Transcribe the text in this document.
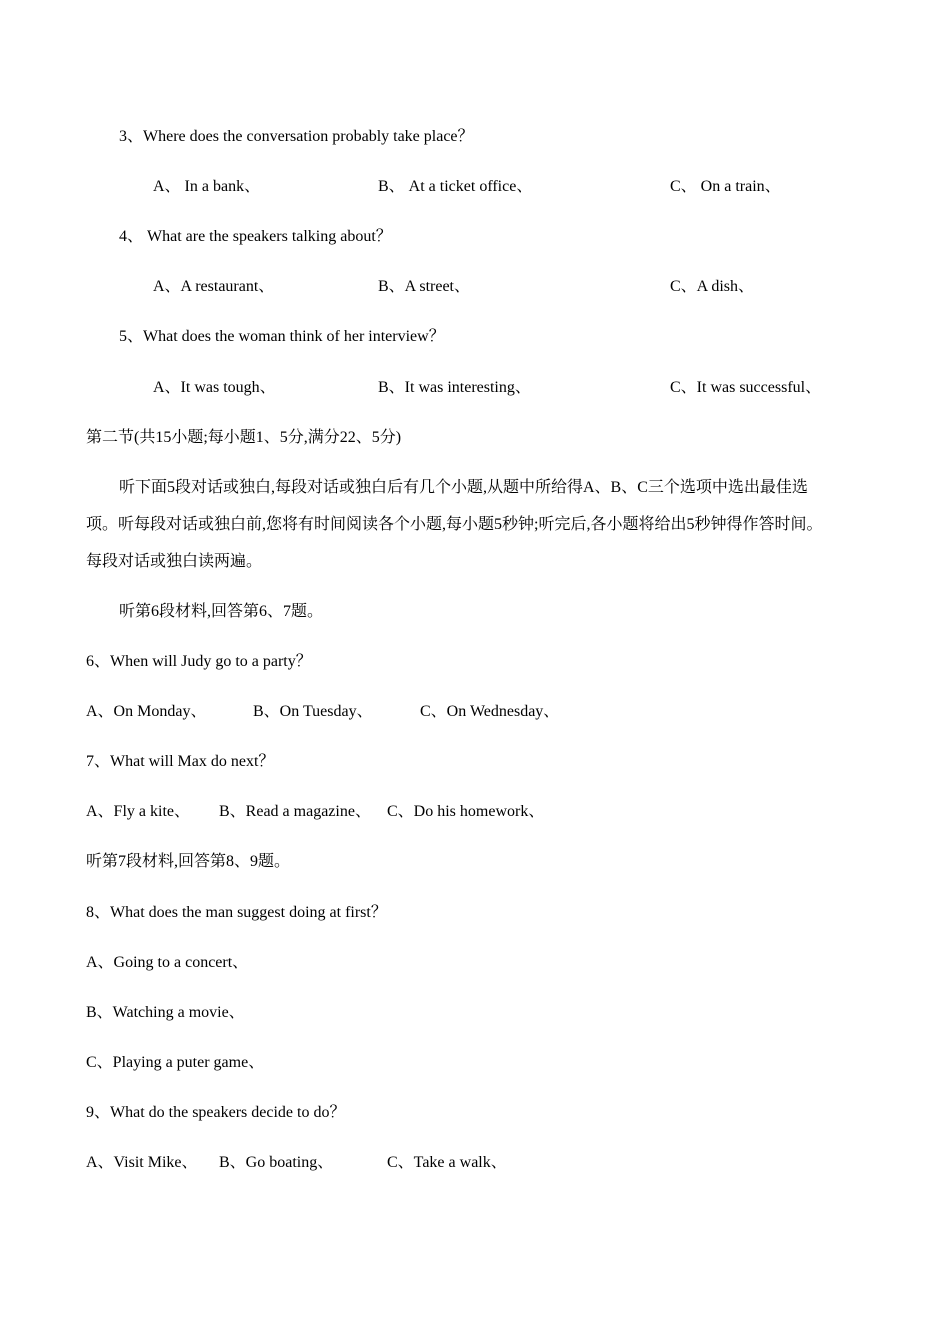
3、Where does the conversation probably take place？
A、 In a bank、	B、 At a ticket office、	C、 On a train、
4、 What are the speakers talking about？
A、A restaurant、	B、A street、	C、A dish、
5、What does the woman think of her interview？
A、It was tough、	B、It was interesting、	C、It was successful、
第二节(共15小题;每小题1、5分,满分22、5分)
听下面5段对话或独白,每段对话或独白后有几个小题,从题中所给得A、B、C三个选项中选出最佳选
项。听每段对话或独白前,您将有时间阅读各个小题,每小题5秒钟;听完后,各小题将给出5秒钟得作答时间。
每段对话或独白读两遍。
听第6段材料,回答第6、7题。
6、When will Judy go to a party？
A、On Monday、	B、On Tuesday、	C、On Wednesday、
7、What will Max do next？
A、Fly a kite、 B、Read a magazine、 C、Do his homework、
听第7段材料,回答第8、9题。
8、What does the man suggest doing at first？
A、Going to a concert、
B、Watching a movie、
C、Playing a puter game、
9、What do the speakers decide to do？
A、Visit Mike、 B、Go boating、	C、Take a walk、
